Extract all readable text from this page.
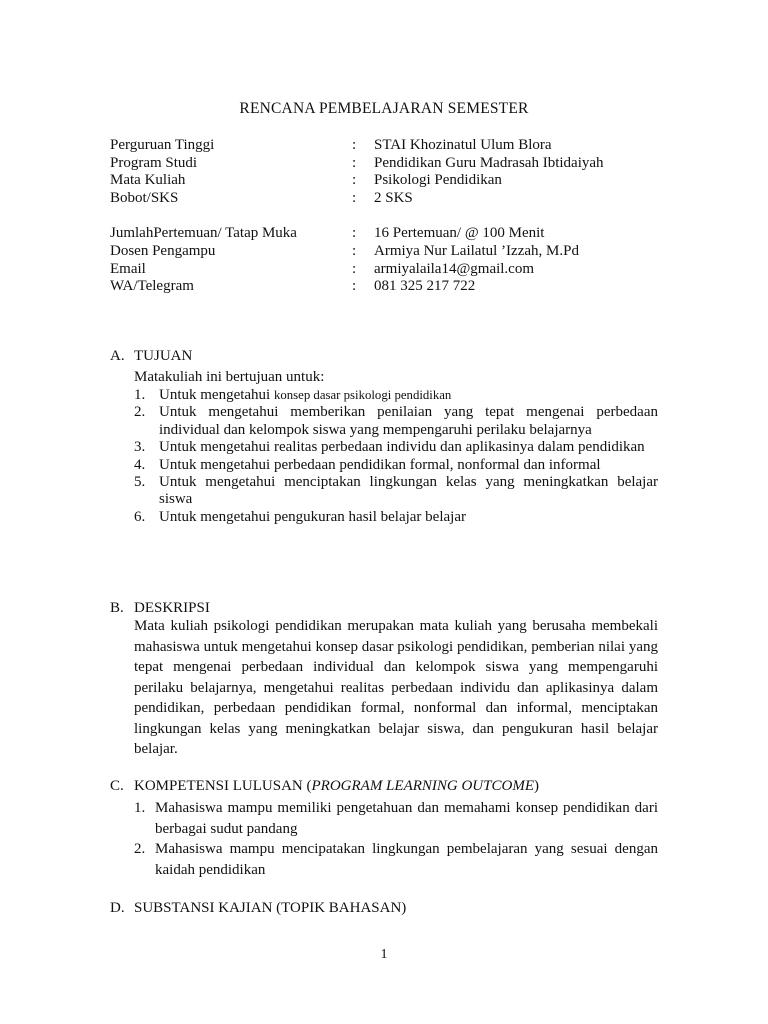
RENCANA PEMBELAJARAN SEMESTER
Perguruan Tinggi	: STAI Khozinatul Ulum Blora
Program Studi	: Pendidikan Guru Madrasah Ibtidaiyah
Mata Kuliah	: Psikologi Pendidikan
Bobot/SKS	: 2 SKS
JumlahPertemuan/ Tatap Muka	: 16 Pertemuan/ @ 100 Menit
Dosen Pengampu	: Armiya Nur Lailatul ’Izzah, M.Pd
Email	: armiyalaila14@gmail.com
WA/Telegram	: 081 325 217 722
A. TUJUAN
Matakuliah ini bertujuan untuk:
1. Untuk mengetahui konsep dasar psikologi pendidikan
2. Untuk mengetahui memberikan penilaian yang tepat mengenai perbedaan individual dan kelompok siswa yang mempengaruhi perilaku belajarnya
3. Untuk mengetahui realitas perbedaan individu dan aplikasinya dalam pendidikan
4. Untuk mengetahui perbedaan pendidikan formal, nonformal dan informal
5. Untuk mengetahui menciptakan lingkungan kelas yang meningkatkan belajar siswa
6. Untuk mengetahui pengukuran hasil belajar belajar
B. DESKRIPSI
Mata kuliah psikologi pendidikan merupakan mata kuliah yang berusaha membekali mahasiswa untuk mengetahui konsep dasar psikologi pendidikan, pemberian nilai yang tepat mengenai perbedaan individual dan kelompok siswa yang mempengaruhi perilaku belajarnya, mengetahui realitas perbedaan individu dan aplikasinya dalam pendidikan, perbedaan pendidikan formal, nonformal dan informal, menciptakan lingkungan kelas yang meningkatkan belajar siswa, dan pengukuran hasil belajar belajar.
C. KOMPETENSI LULUSAN (PROGRAM LEARNING OUTCOME)
1. Mahasiswa mampu memiliki pengetahuan dan memahami konsep pendidikan dari berbagai sudut pandang
2. Mahasiswa mampu mencipatakan lingkungan pembelajaran yang sesuai dengan kaidah pendidikan
D. SUBSTANSI KAJIAN (TOPIK BAHASAN)
1
